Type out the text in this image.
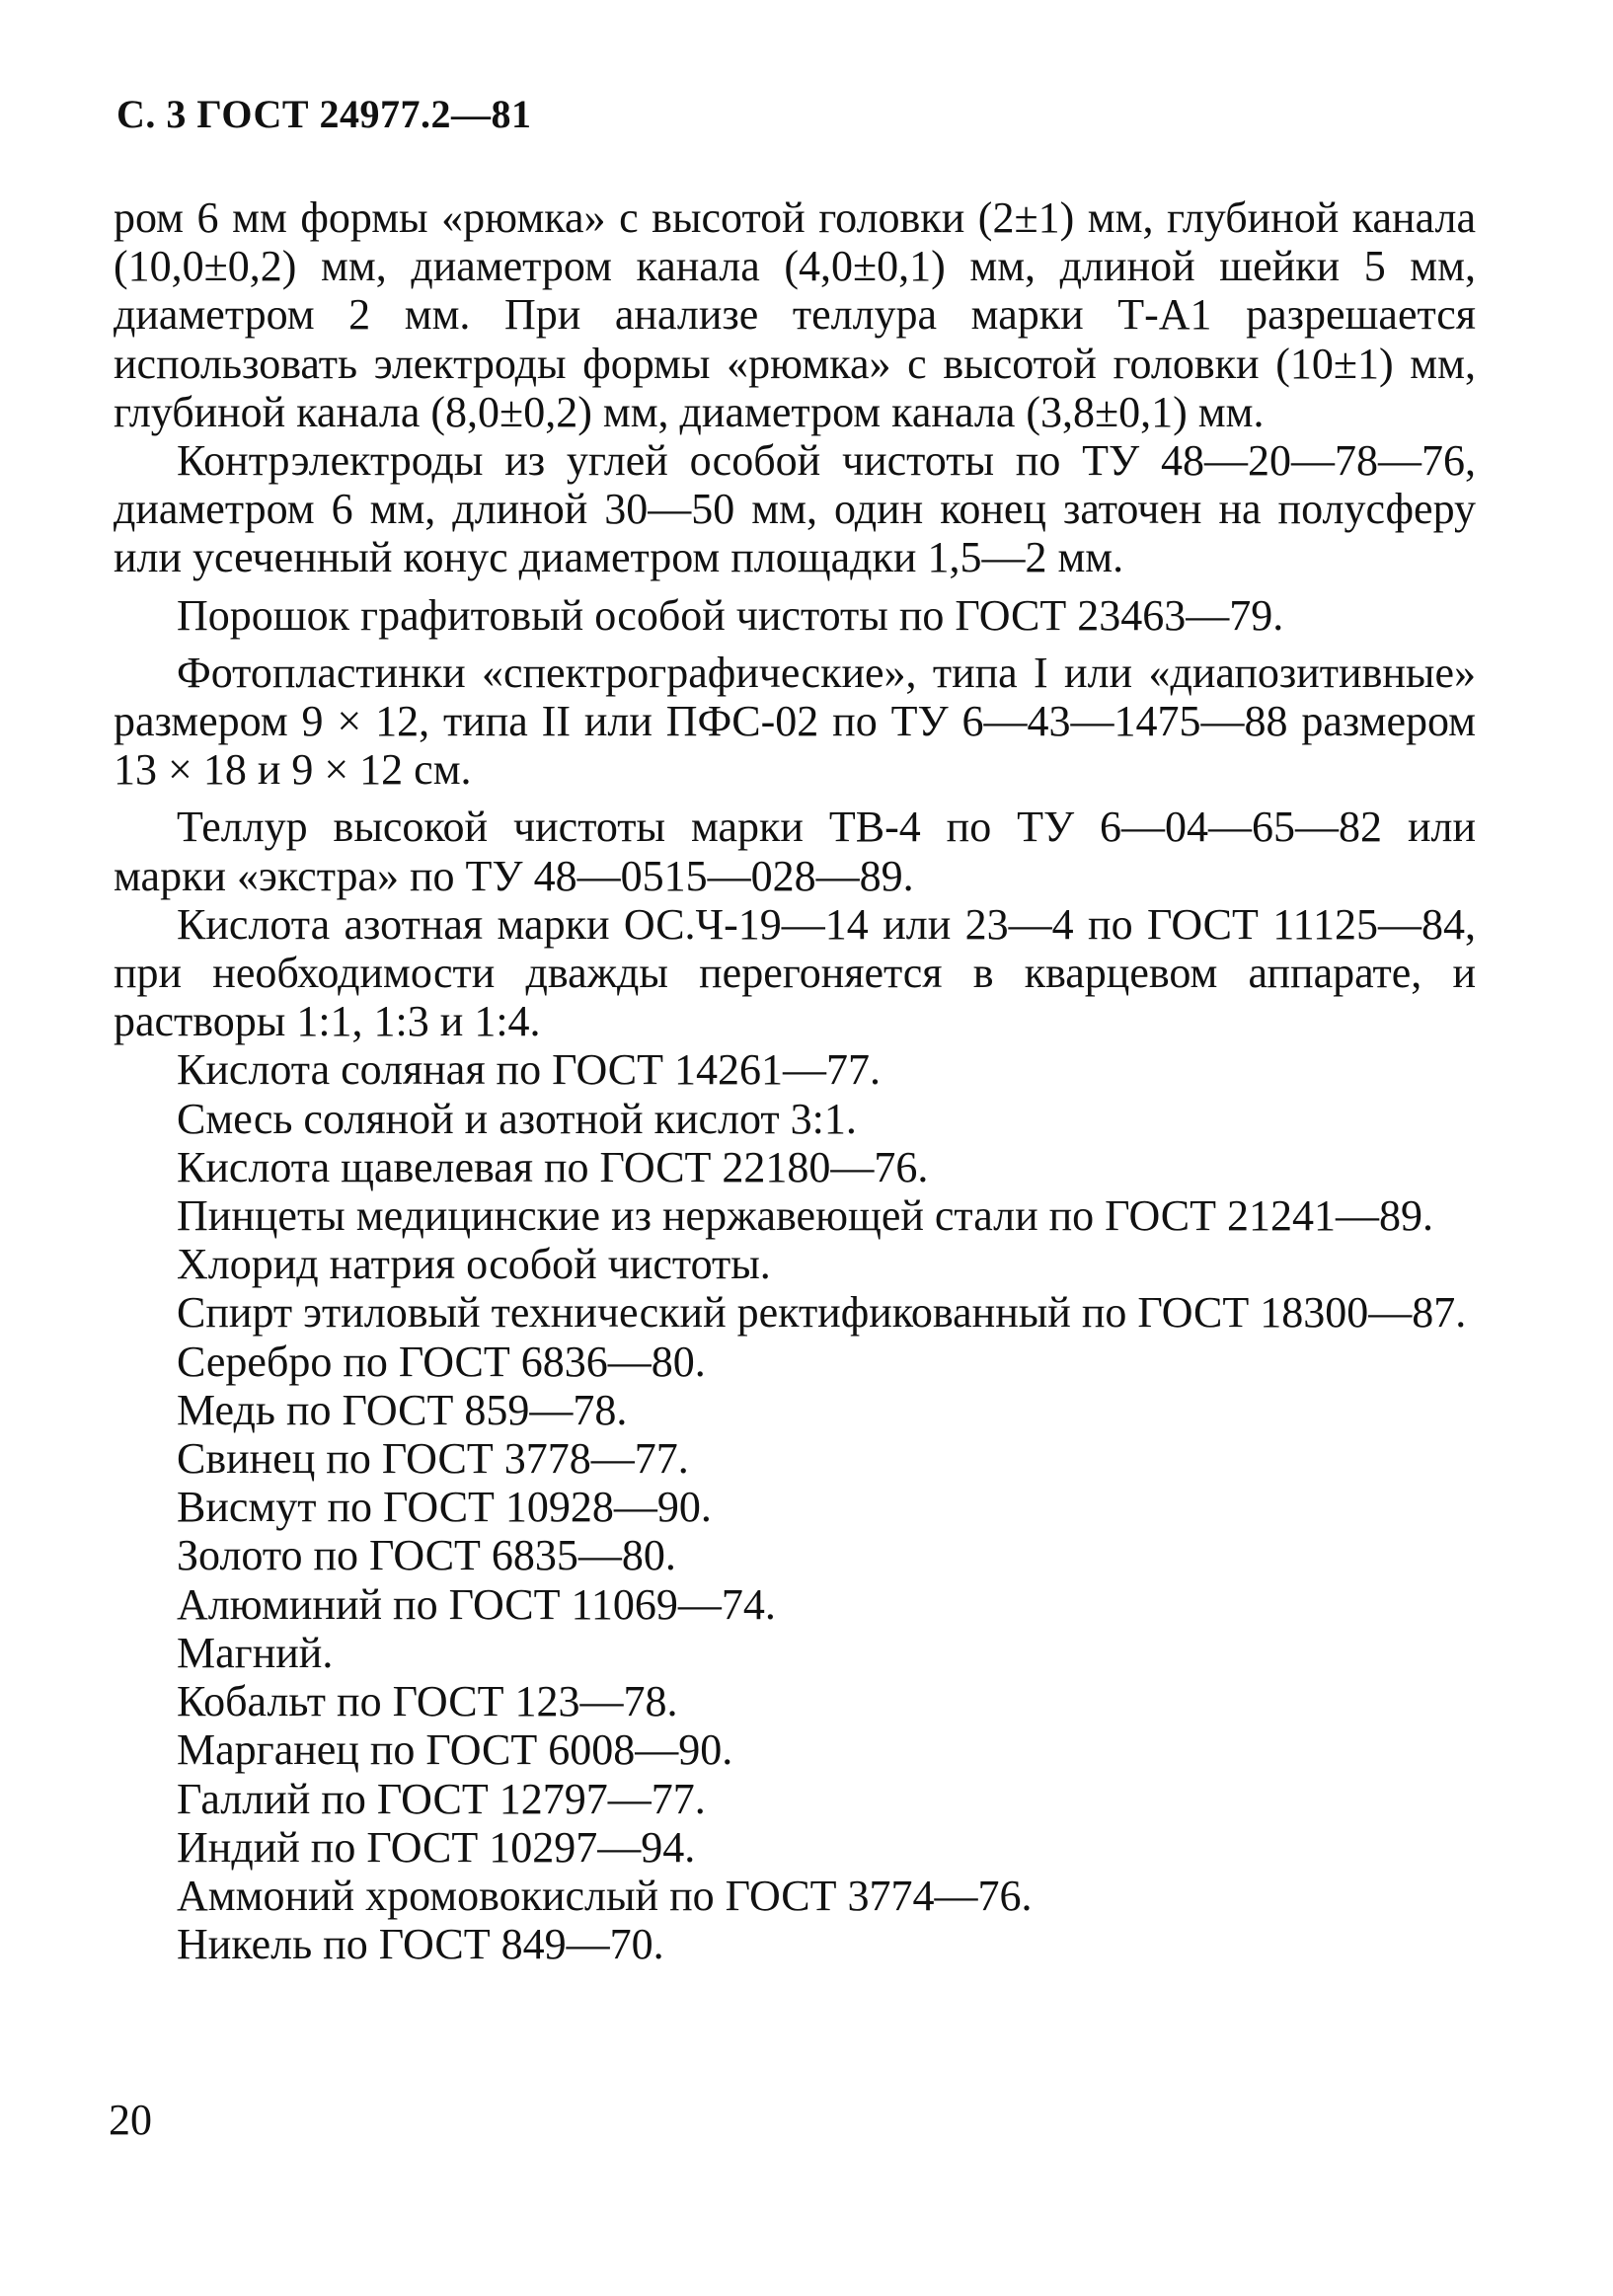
С. 3 ГОСТ 24977.2—81

ром 6 мм формы «рюмка» с высотой головки (2±1) мм, глубиной канала (10,0±0,2) мм, диаметром канала (4,0±0,1) мм, длиной шейки 5 мм, диаметром 2 мм. При анализе теллура марки Т-А1 разрешается использовать электроды формы «рюмка» с высотой головки (10±1) мм, глубиной канала (8,0±0,2) мм, диаметром канала (3,8±0,1) мм.

Контрэлектроды из углей особой чистоты по ТУ 48—20—78—76, диаметром 6 мм, длиной 30—50 мм, один конец заточен на полусферу или усеченный конус диаметром площадки 1,5—2 мм.

Порошок графитовый особой чистоты по ГОСТ 23463—79.

Фотопластинки «спектрографические», типа I или «диапозитивные» размером 9 × 12, типа II или ПФС-02 по ТУ 6—43—1475—88 размером 13 × 18 и 9 × 12 см.

Теллур высокой чистоты марки ТВ-4 по ТУ 6—04—65—82 или марки «экстра» по ТУ 48—0515—028—89.

Кислота азотная марки ОС.Ч-19—14 или 23—4 по ГОСТ 11125—84, при необходимости дважды перегоняется в кварцевом аппарате, и растворы 1:1, 1:3 и 1:4.

Кислота соляная по ГОСТ 14261—77.

Смесь соляной и азотной кислот 3:1.

Кислота щавелевая по ГОСТ 22180—76.

Пинцеты медицинские из нержавеющей стали по ГОСТ 21241—89.

Хлорид натрия особой чистоты.

Спирт этиловый технический ректификованный по ГОСТ 18300—87.

Серебро по ГОСТ 6836—80.

Медь по ГОСТ 859—78.

Свинец по ГОСТ 3778—77.

Висмут по ГОСТ 10928—90.

Золото по ГОСТ 6835—80.

Алюминий по ГОСТ 11069—74.

Магний.

Кобальт по ГОСТ 123—78.

Марганец по ГОСТ 6008—90.

Галлий по ГОСТ 12797—77.

Индий по ГОСТ 10297—94.

Аммоний хромовокислый по ГОСТ 3774—76.

Никель по ГОСТ 849—70.

20
